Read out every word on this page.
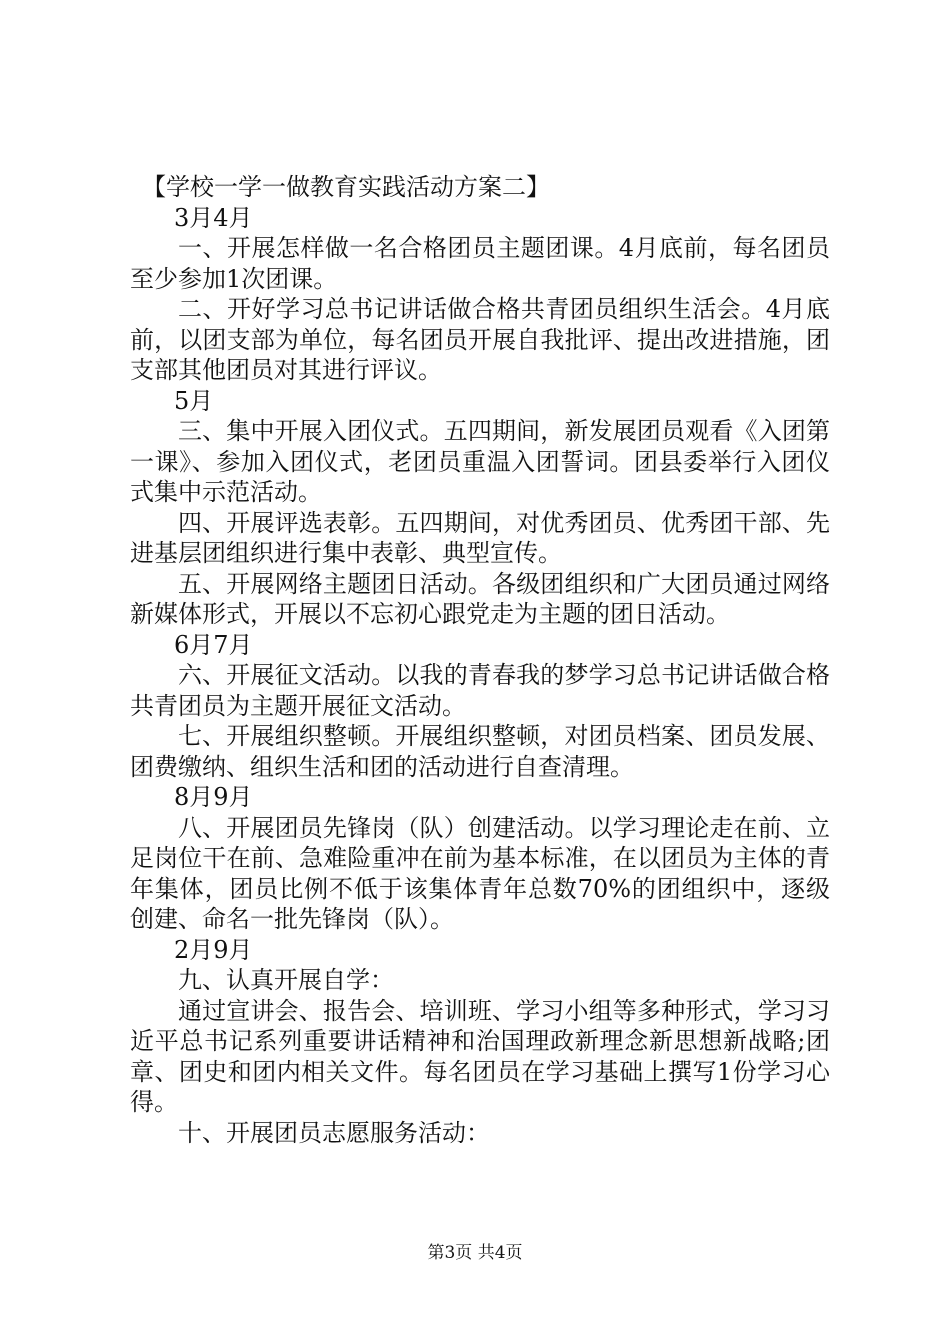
【学校一学一做教育实践活动方案二】

3月4月

一、开展怎样做一名合格团员主题团课。4月底前，每名团员至少参加1次团课。

二、开好学习总书记讲话做合格共青团员组织生活会。4月底前，以团支部为单位，每名团员开展自我批评、提出改进措施，团支部其他团员对其进行评议。

5月

三、集中开展入团仪式。五四期间，新发展团员观看《入团第一课》、参加入团仪式，老团员重温入团誓词。团县委举行入团仪式集中示范活动。

四、开展评选表彰。五四期间，对优秀团员、优秀团干部、先进基层团组织进行集中表彰、典型宣传。

五、开展网络主题团日活动。各级团组织和广大团员通过网络新媒体形式，开展以不忘初心跟党走为主题的团日活动。

6月7月

六、开展征文活动。以我的青春我的梦学习总书记讲话做合格共青团员为主题开展征文活动。

七、开展组织整顿。开展组织整顿，对团员档案、团员发展、团费缴纳、组织生活和团的活动进行自查清理。

8月9月

八、开展团员先锋岗（队）创建活动。以学习理论走在前、立足岗位干在前、急难险重冲在前为基本标准，在以团员为主体的青年集体，团员比例不低于该集体青年总数70%的团组织中，逐级创建、命名一批先锋岗（队）。

2月9月

九、认真开展自学：

通过宣讲会、报告会、培训班、学习小组等多种形式，学习习近平总书记系列重要讲话精神和治国理政新理念新思想新战略;团章、团史和团内相关文件。每名团员在学习基础上撰写1份学习心得。

十、开展团员志愿服务活动：

第3页 共4页
